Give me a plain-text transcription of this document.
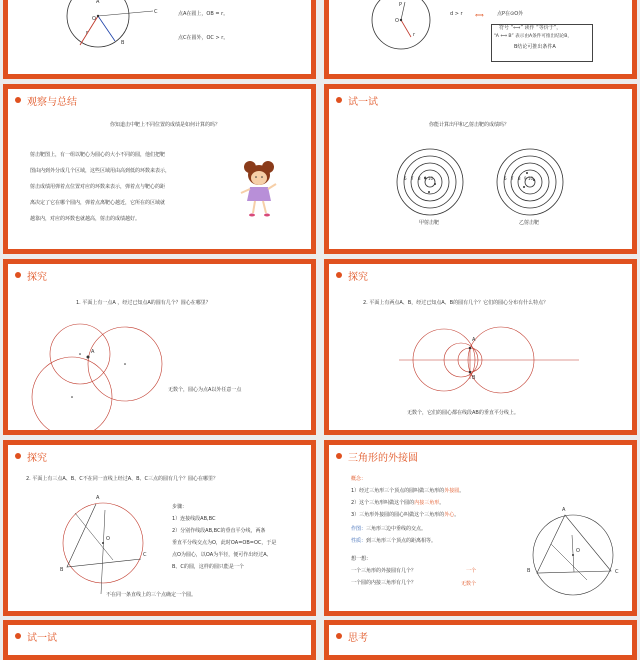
A
C
B
O
r
点A在圆上，OB = r。
点C在圆外，OC > r。
P
O
r
d > r ⟺	点P在⊙O外
符号 “⟺” 读作 “等价于”，
“A ⟺ B” 表示由A条件可推出结论B，
B结论可推出条件A
观察与总结
你知道击中靶上不同位置的成绩是如何计算的吗？
射击靶图上，有一组以靶心为圆心的大小不同的圆，他们把靶
图由内到外分成几个区域，这些区域用由高到低的环数来表示，
射击成绩用弹着点位置对应的环数来表示，弹着点与靶心的距
离决定了它在哪个圆内，弹着点离靶心越近，它所在的区域就
越靠内，对应的环数也就越高，射击的成绩越好。
试一试
你能计算出甲和乙射击靶的成绩吗？
6 7 8 9 10	6 7 8 9 10
甲射击靶	乙射击靶
探究
1. 平面上有一点A ，经过已知点A的圆有几个？圆心在哪里？
A
无数个，圆心为点A以外任意一点
探究
2. 平面上有两点A、B，经过已知点A、B的圆有几个？它们的圆心分布有什么特点？
A
B
无数个，它们的圆心都在线段AB的垂直平分线上。
探究
2. 平面上有三点A、B、C不在同一直线上经过A、B、C三点的圆有几个？圆心在哪里？
A
B
C
O
步骤：
1）连接线段AB,BC
2）分别作线段AB,BC的垂直平分线，两条
垂直平分线交点为O，此时OA=OB=OC，于是
点O为圆心，以OA为半径，便可作出经过A、
B、C的圆，这样的圆只能是一个
不在同一条直线上的三个点确定一个圆。
三角形的外接圆
概念：
1）经过三角形三个顶点的圆叫做三角形的外接圆。
2）这个三角形叫做这个圆的内接三角形。
3）三角形外接圆的圆心叫做这个三角形的外心。
作图：三角形三边中垂线的交点。
性质：到三角形三个顶点的距离相等。
想一想：
一个三角形的外接圆有几个？	一个
一个圆的内接三角形有几个？	无数个
A
B	C
O
试一试	思考
